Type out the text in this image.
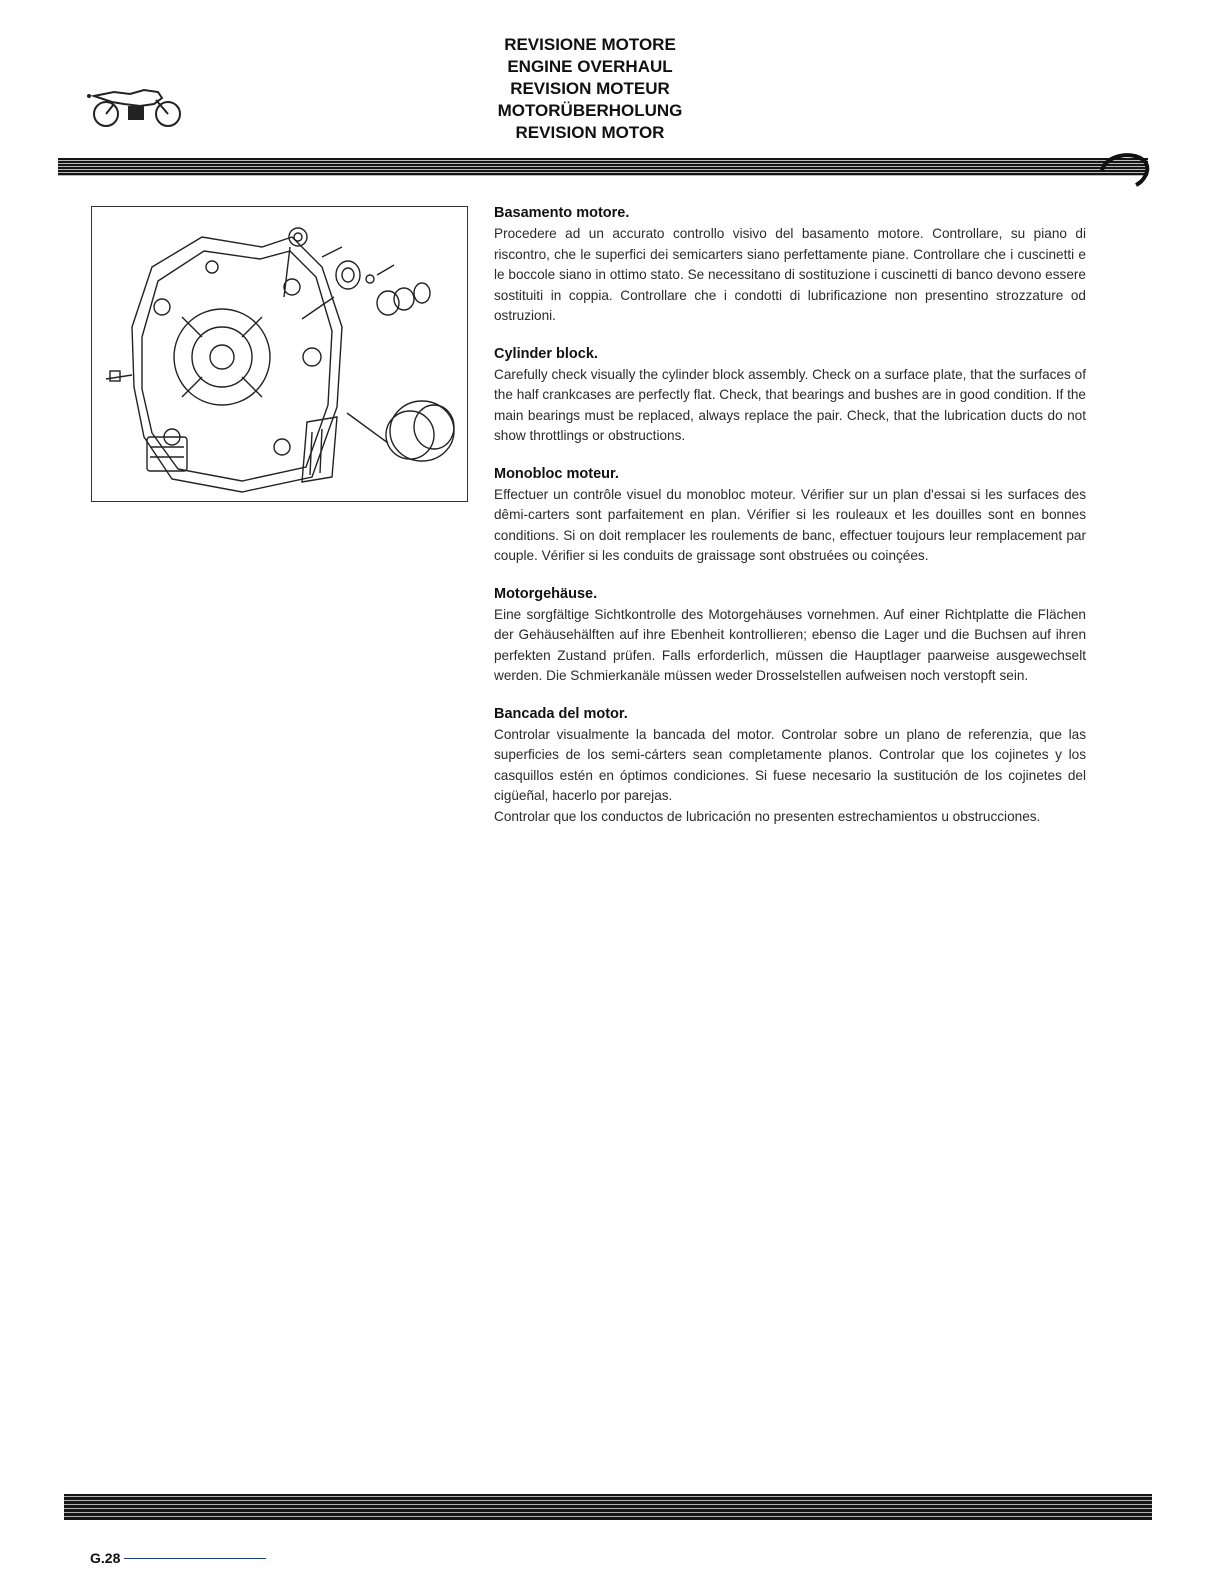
REVISIONE MOTORE
ENGINE OVERHAUL
REVISION MOTEUR
MOTORÜBERHOLUNG
REVISION MOTOR
Basamento motore.

Procedere ad un accurato controllo visivo del basamento motore. Controllare, su piano di riscontro, che le superfici dei semicarters siano perfettamente piane. Controllare che i cuscinetti e le boccole siano in ottimo stato. Se necessitano di sostituzione i cuscinetti di banco devono essere sostituiti in coppia. Controllare che i condotti di lubrificazione non presentino strozzature od ostruzioni.

Cylinder block.

Carefully check visually the cylinder block assembly. Check on a surface plate, that the surfaces of the half crankcases are perfectly flat. Check, that bearings and bushes are in good condition. If the main bearings must be replaced, always replace the pair. Check, that the lubrication ducts do not show throttlings or obstructions.

Monobloc moteur.

Effectuer un contrôle visuel du monobloc moteur. Vérifier sur un plan d'essai si les surfaces des dêmi-carters sont parfaitement en plan. Vérifier si les rouleaux et les douilles sont en bonnes conditions. Si on doit remplacer les roulements de banc, effectuer toujours leur remplacement par couple. Vérifier si les conduits de graissage sont obstruées ou coinçées.

Motorgehäuse.

Eine sorgfältige Sichtkontrolle des Motorgehäuses vornehmen. Auf einer Richtplatte die Flächen der Gehäusehälften auf ihre Ebenheit kontrollieren; ebenso die Lager und die Buchsen auf ihren perfekten Zustand prüfen. Falls erforderlich, müssen die Hauptlager paarweise ausgewechselt werden. Die Schmierkanäle müssen weder Drosselstellen aufweisen noch verstopft sein.

Bancada del motor.

Controlar visualmente la bancada del motor. Controlar sobre un plano de referenzia, que las superficies de los semi-cárters sean completamente planos. Controlar que los cojinetes y los casquillos estén en óptimos condiciones. Si fuese necesario la sustitución de los cojinetes del cigüeñal, hacerlo por parejas.

Controlar que los conductos de lubricación no presenten estrechamientos u obstrucciones.

G.28
